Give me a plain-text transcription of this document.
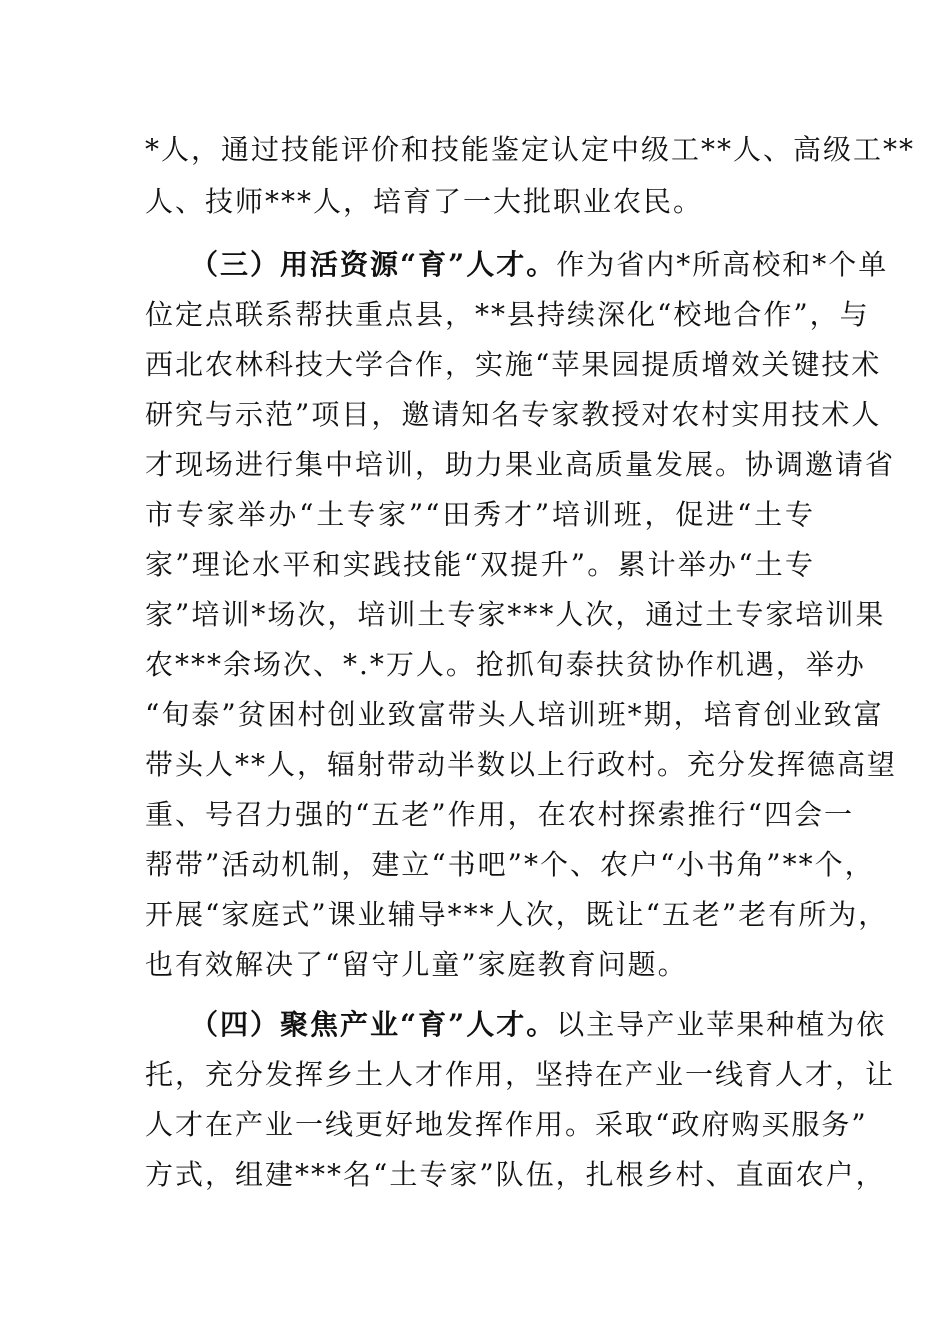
*人，通过技能评价和技能鉴定认定中级工**人、高级工**
人、技师***人，培育了一大批职业农民。
（三）用活资源“育”人才。作为省内*所高校和*个单
位定点联系帮扶重点县，**县持续深化“校地合作”，与
西北农林科技大学合作，实施“苹果园提质增效关键技术
研究与示范”项目，邀请知名专家教授对农村实用技术人
才现场进行集中培训，助力果业高质量发展。协调邀请省
市专家举办“土专家”“田秀才”培训班，促进“土专
家”理论水平和实践技能“双提升”。累计举办“土专
家”培训*场次，培训土专家***人次，通过土专家培训果
农***余场次、*.*万人。抢抓旬泰扶贫协作机遇，举办
“旬泰”贫困村创业致富带头人培训班*期，培育创业致富
带头人**人，辐射带动半数以上行政村。充分发挥德高望
重、号召力强的“五老”作用，在农村探索推行“四会一
帮带”活动机制，建立“书吧”*个、农户“小书角”**个，
开展“家庭式”课业辅导***人次，既让“五老”老有所为，
也有效解决了“留守儿童”家庭教育问题。
（四）聚焦产业“育”人才。以主导产业苹果种植为依
托，充分发挥乡土人才作用，坚持在产业一线育人才，让
人才在产业一线更好地发挥作用。采取“政府购买服务”
方式，组建***名“土专家”队伍，扎根乡村、直面农户，
